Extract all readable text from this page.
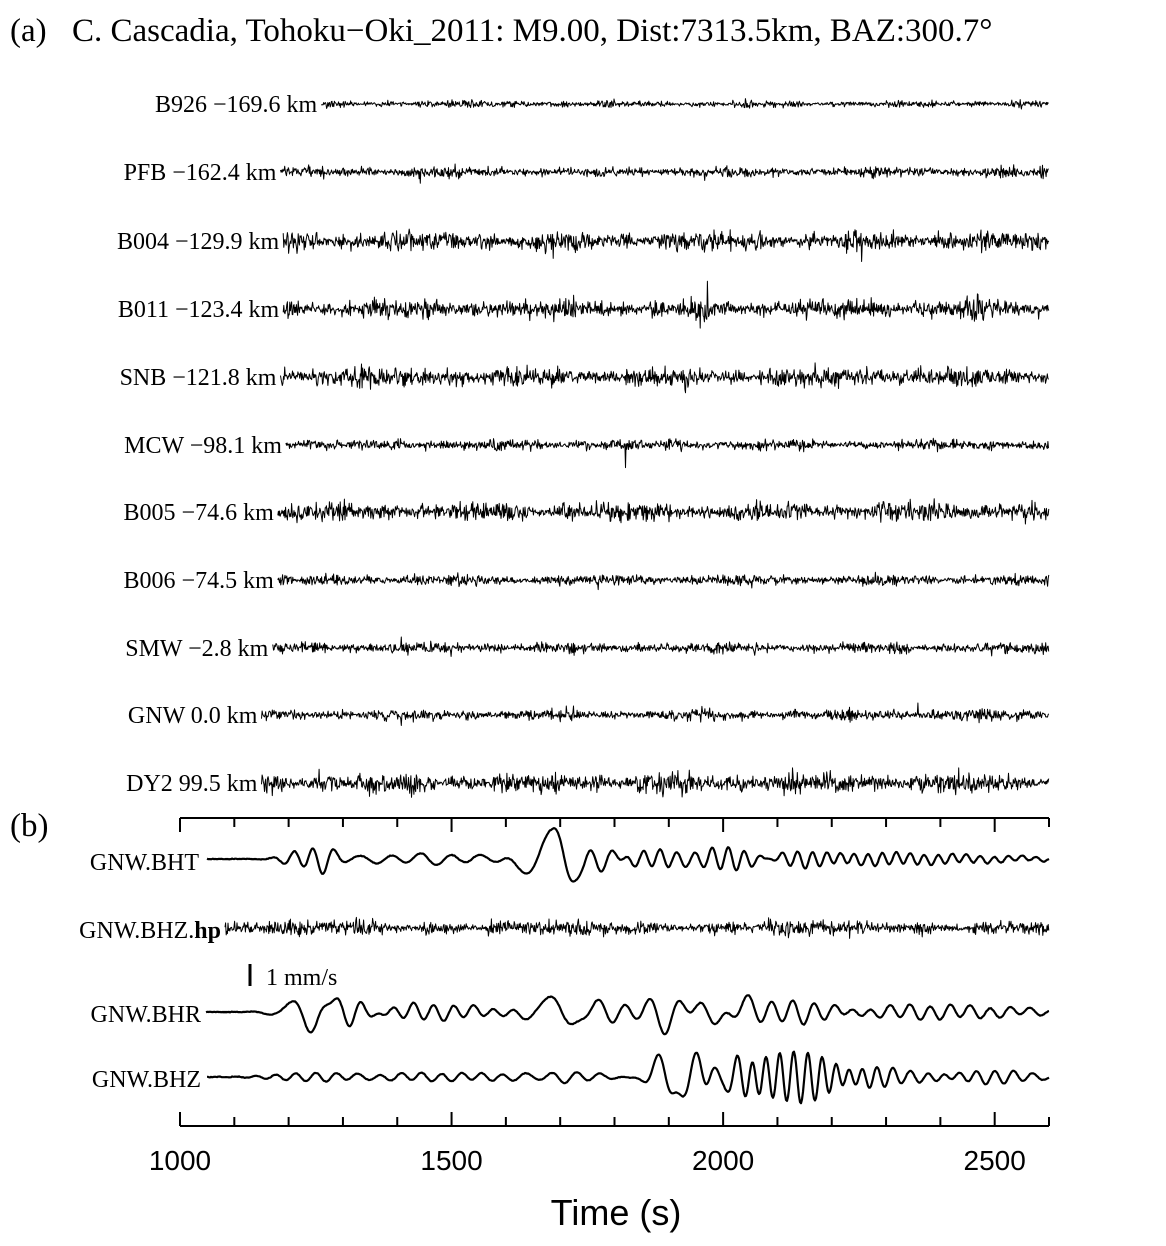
(a) C. Cascadia, Tohoku−Oki_2011: M9.00, Dist:7313.5km, BAZ:300.7°
(b)
B926 −169.6 km
PFB −162.4 km
B004 −129.9 km
B011 −123.4 km
SNB −121.8 km
MCW −98.1 km
B005 −74.6 km
B006 −74.5 km
SMW −2.8 km
GNW 0.0 km
DY2 99.5 km
GNW.BHT
GNW.BHZ.hp
GNW.BHR
GNW.BHZ
1 mm/s
1000	1500	2000	2500
Time (s)
